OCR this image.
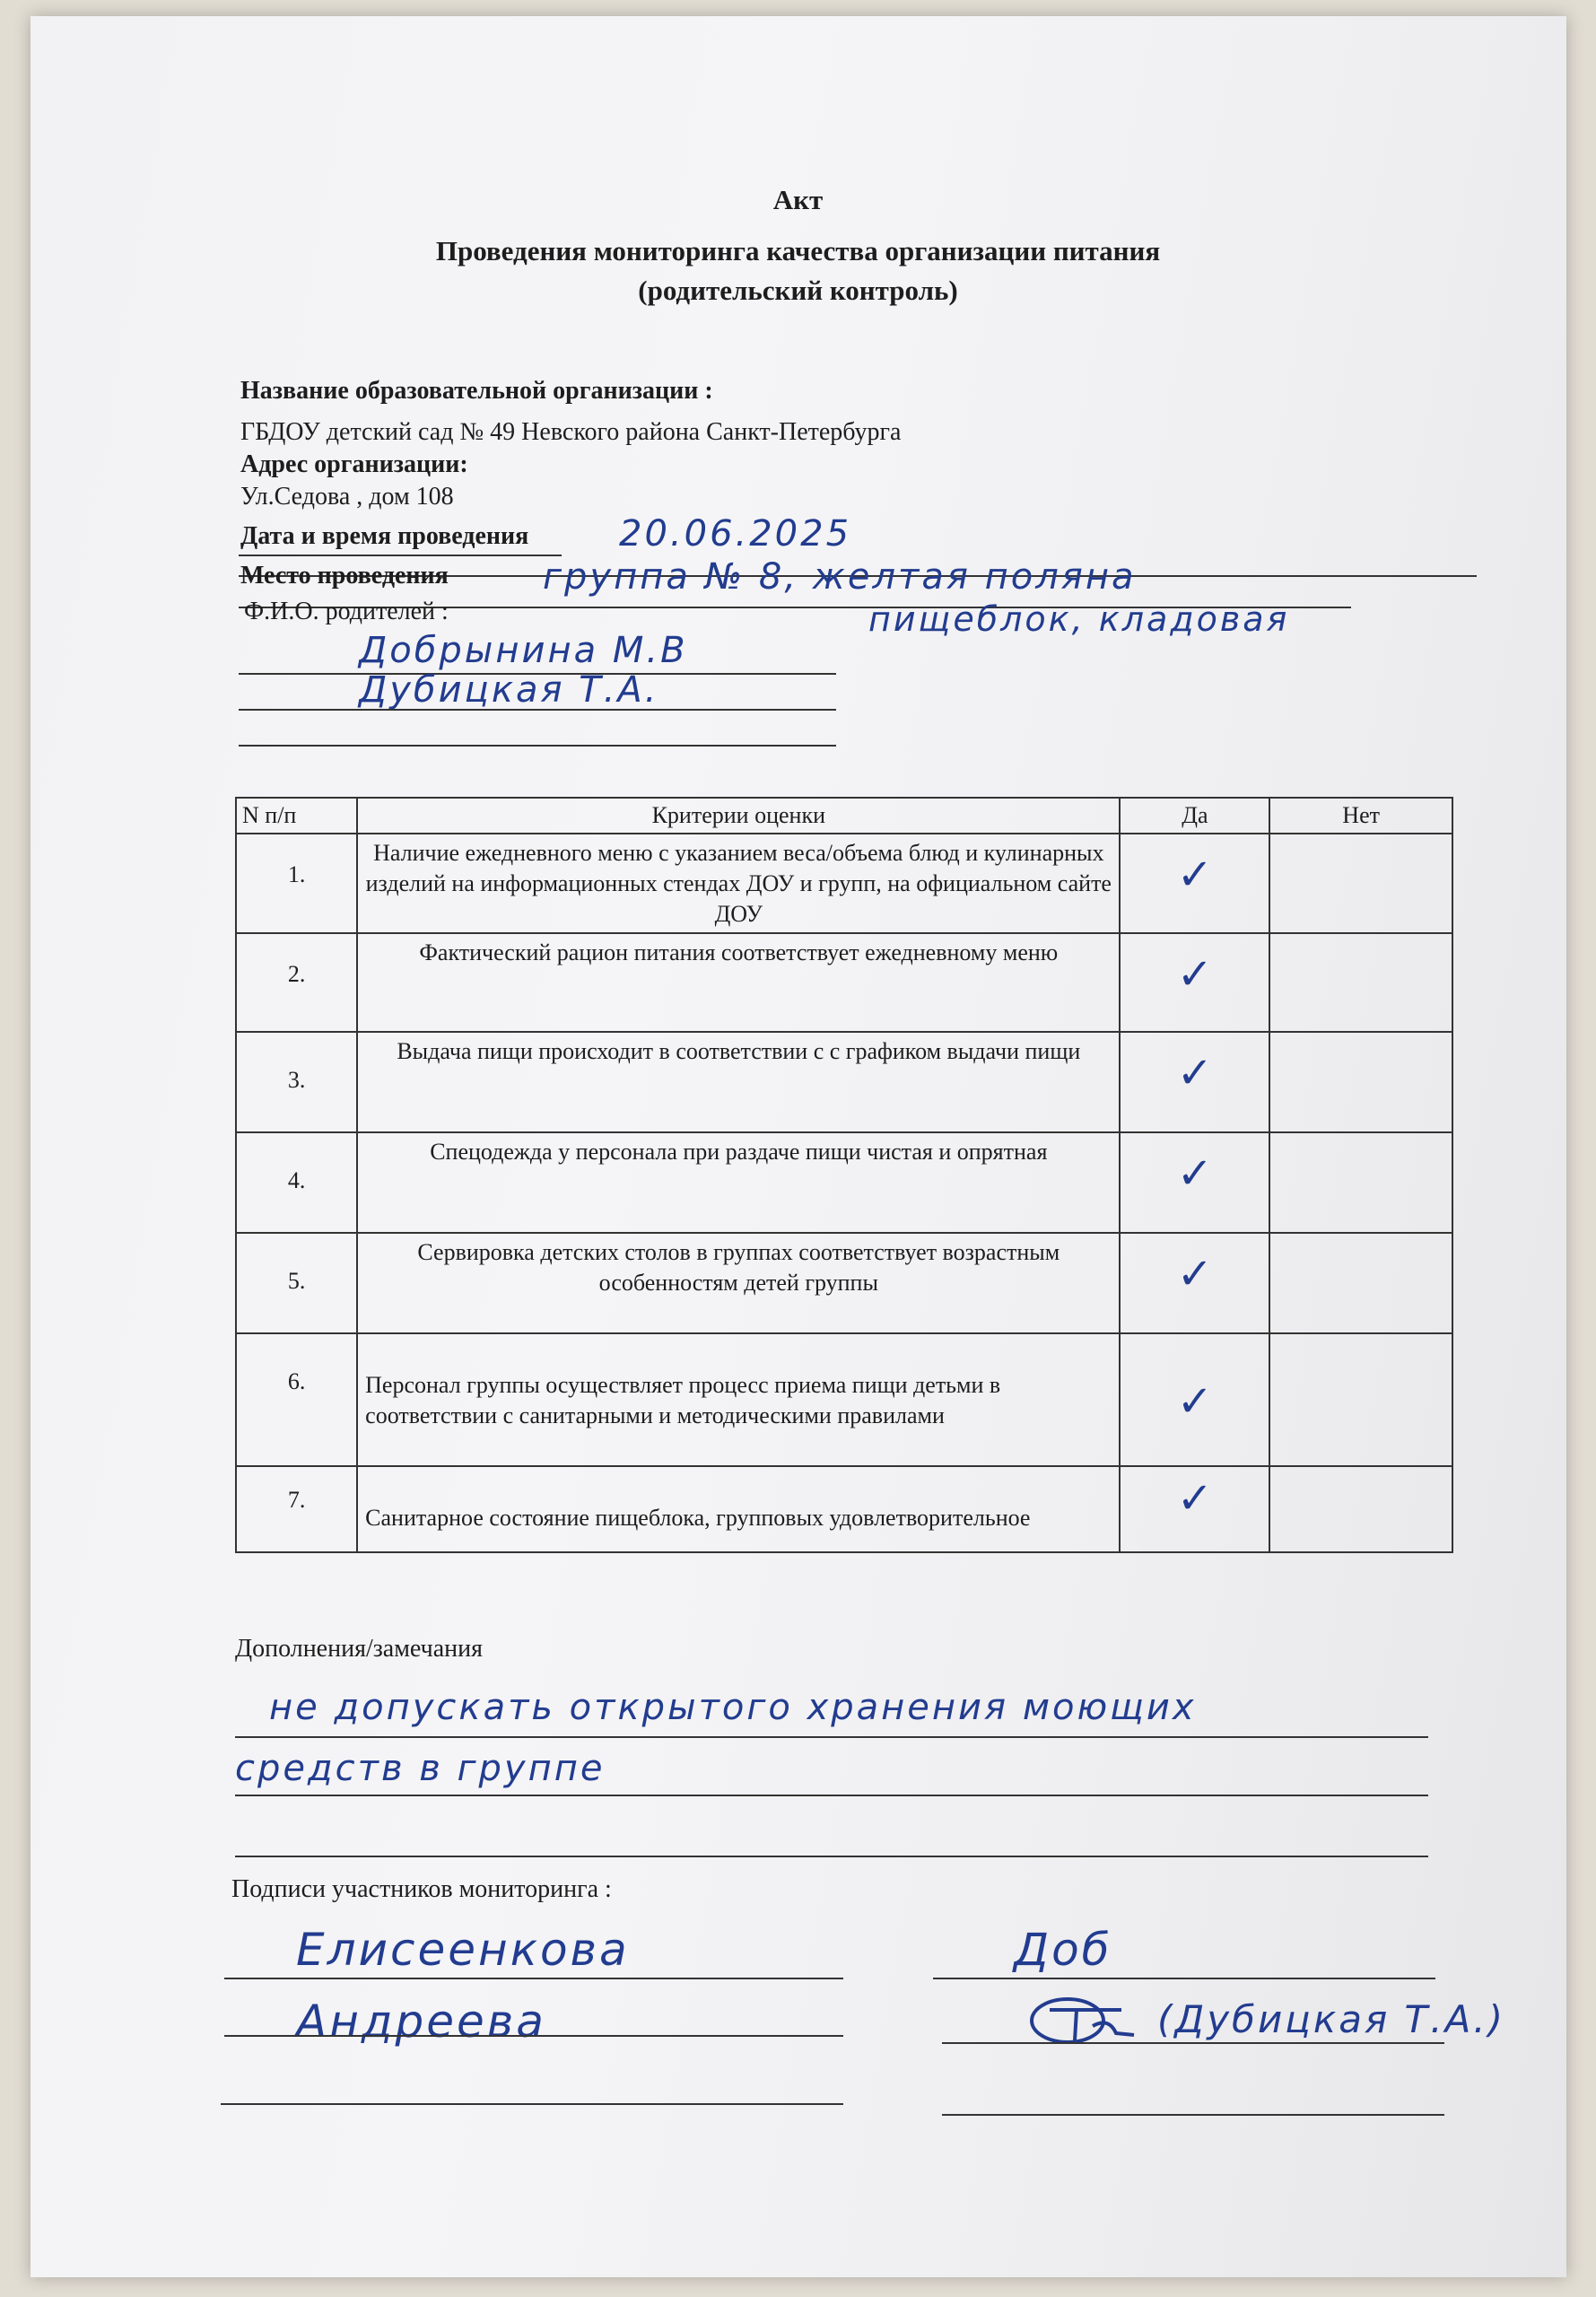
Акт
Проведения мониторинга качества организации питания
(родительский контроль)
Название образовательной организации :
ГБДОУ детский сад № 49 Невского района Санкт-Петербурга
Адрес организации:
Ул.Седова , дом 108
Дата и время проведения	20.06.2025
Место проведения	группа № 8, желтая поляна
Ф.И.О. родителей :	пищеблок, кладовая
Добрынина М.В
Дубицкая Т.А.
N п/п	Критерии оценки	Да	Нет
1.	Наличие ежедневного меню с указанием веса/объема блюд и кулинарных изделий на информационных стендах ДОУ и групп, на официальном сайте ДОУ	✓	

2.	Фактический рацион питания соответствует ежедневному меню	✓	

3.	Выдача пищи происходит в соответствии с с графиком выдачи пищи	✓	

4.	Спецодежда у персонала при раздаче пищи чистая и опрятная	✓	

5.	Сервировка детских столов в группах соответствует возрастным особенностям детей группы	✓	

6.	Персонал группы осуществляет процесс приема пищи детьми в соответствии с санитарными и методическими правилами	✓	

7.	Санитарное состояние пищеблока, групповых удовлетворительное	✓	

Дополнения/замечания
не допускать открытого хранения моющих
средств в группе
Подписи участников мониторинга :
Елисеенкова
Андреева
Доб
(Дубицкая Т.А.)
